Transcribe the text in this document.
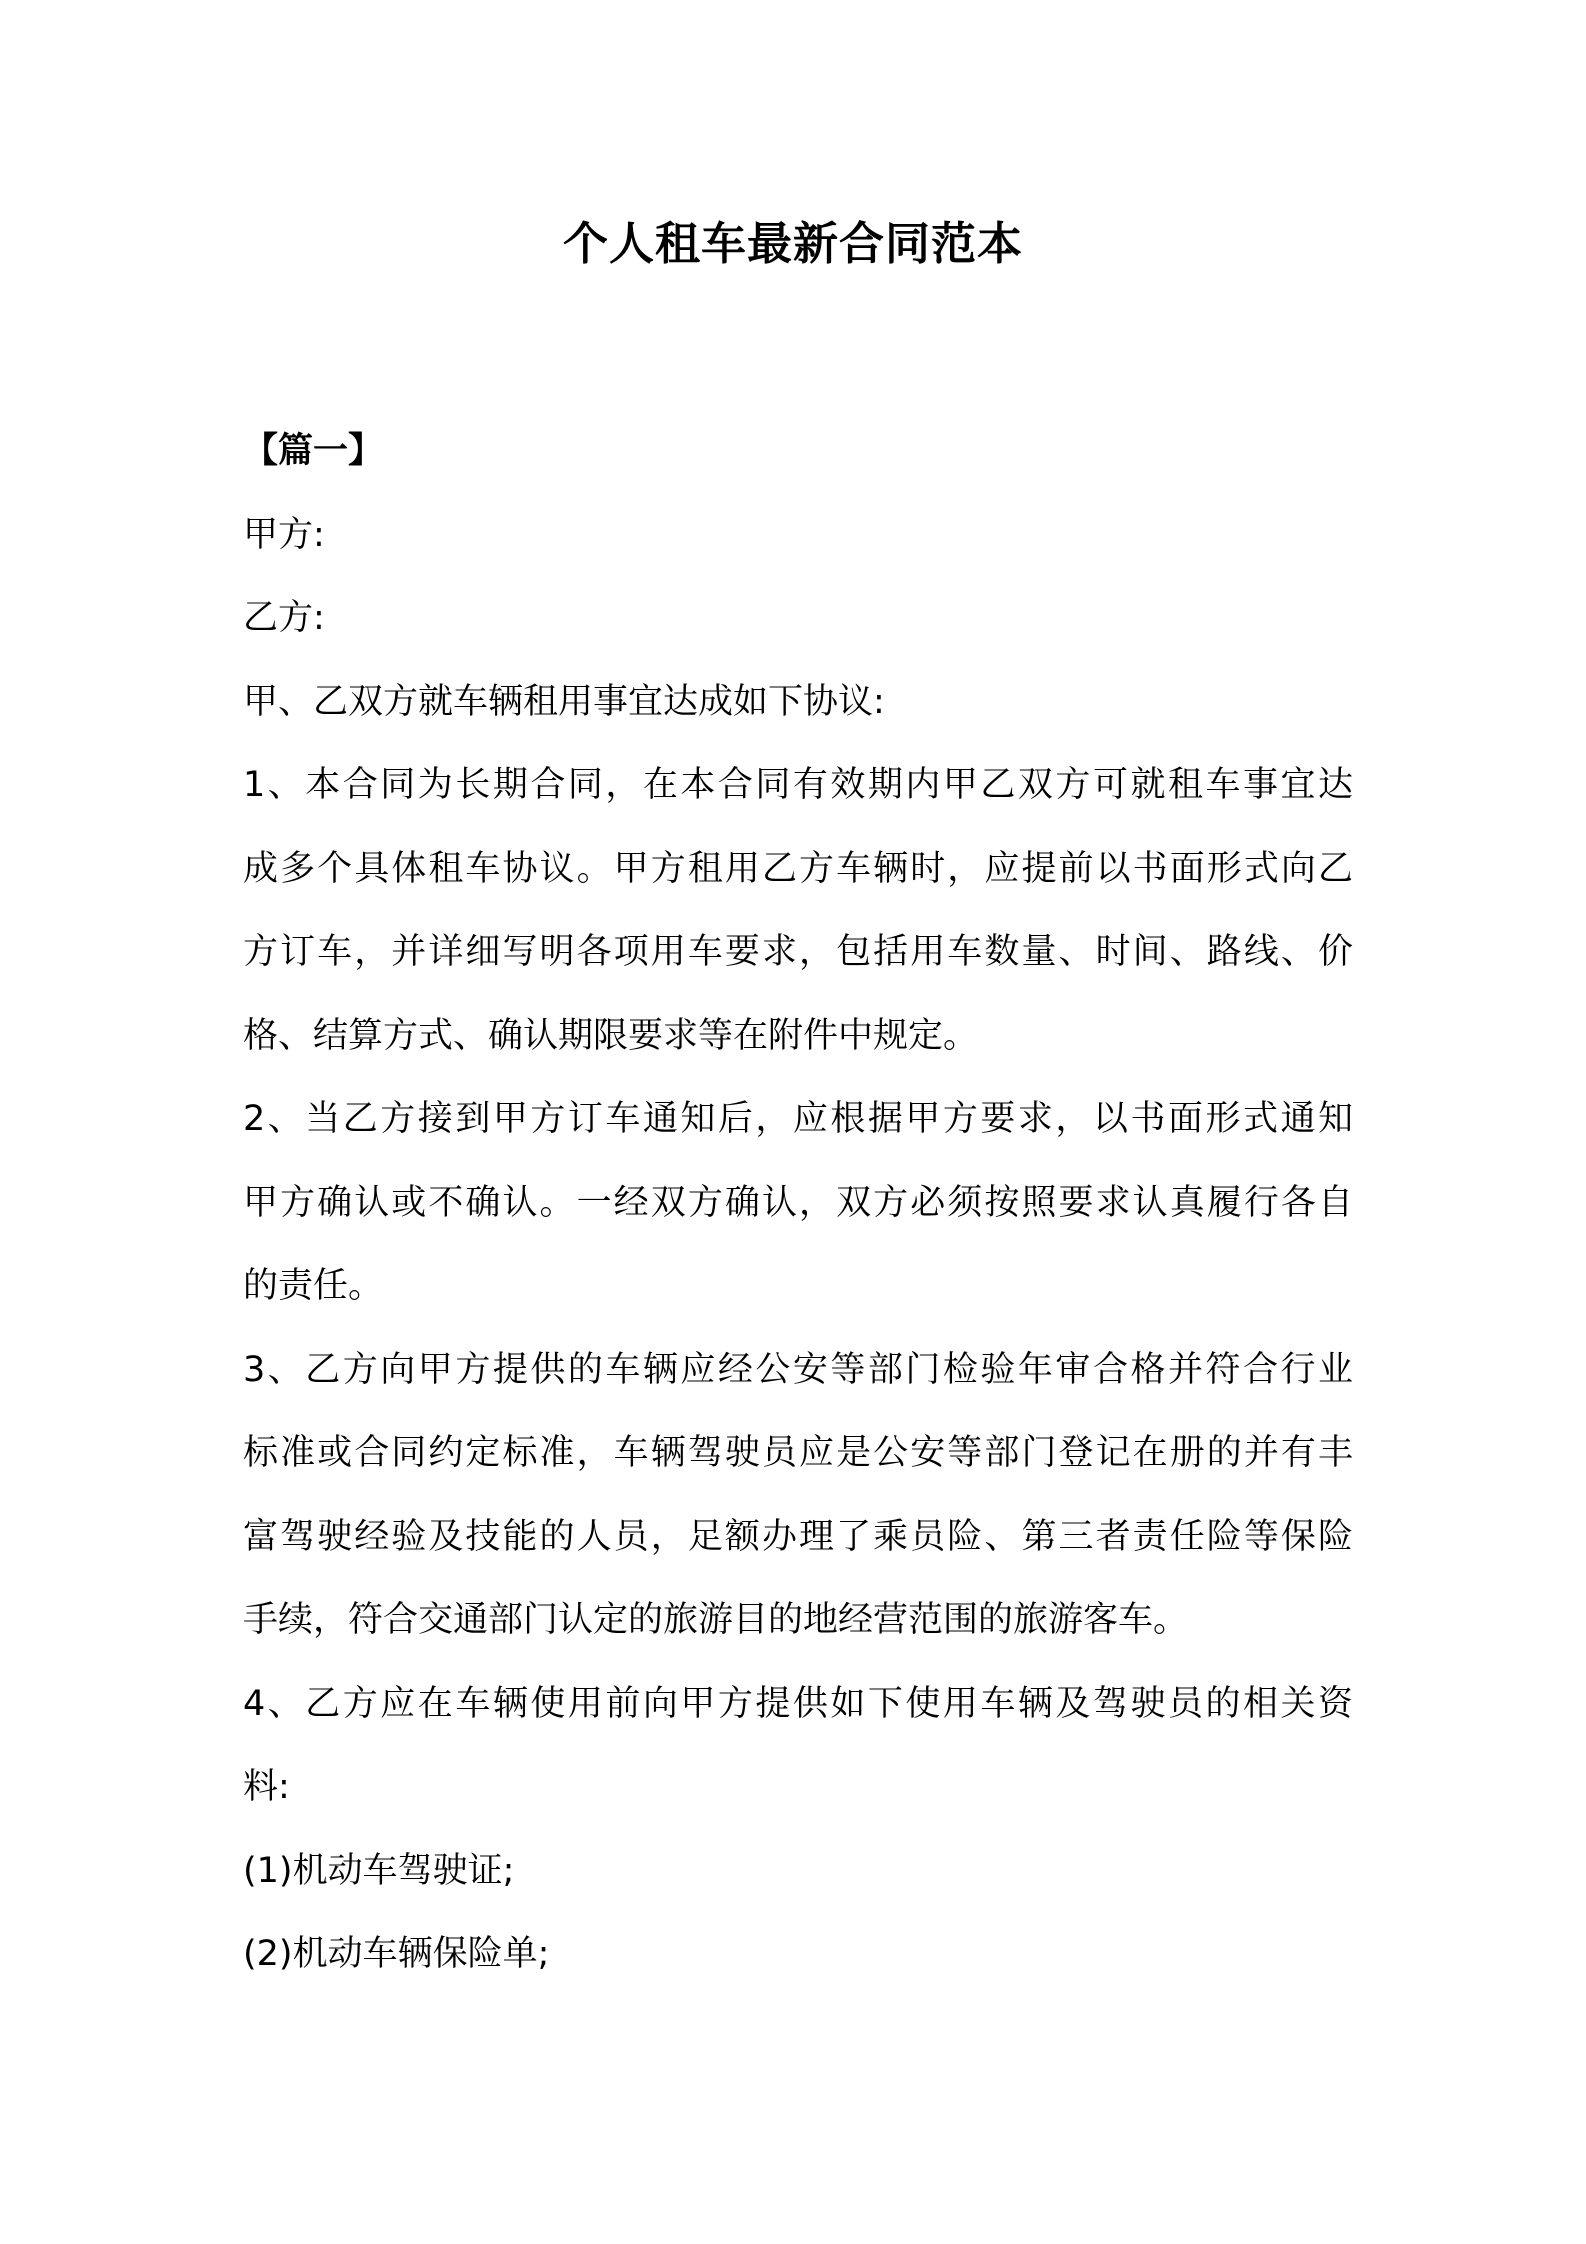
个人租车最新合同范本
【篇一】
甲方:
乙方:
甲、乙双方就车辆租用事宜达成如下协议:
1、本合同为长期合同，在本合同有效期内甲乙双方可就租车事宜达
成多个具体租车协议。甲方租用乙方车辆时，应提前以书面形式向乙
方订车，并详细写明各项用车要求，包括用车数量、时间、路线、价
格、结算方式、确认期限要求等在附件中规定。
2、当乙方接到甲方订车通知后，应根据甲方要求，以书面形式通知
甲方确认或不确认。一经双方确认，双方必须按照要求认真履行各自
的责任。
3、乙方向甲方提供的车辆应经公安等部门检验年审合格并符合行业
标准或合同约定标准，车辆驾驶员应是公安等部门登记在册的并有丰
富驾驶经验及技能的人员，足额办理了乘员险、第三者责任险等保险
手续，符合交通部门认定的旅游目的地经营范围的旅游客车。
4、乙方应在车辆使用前向甲方提供如下使用车辆及驾驶员的相关资
料:
(1)机动车驾驶证;
(2)机动车辆保险单;
